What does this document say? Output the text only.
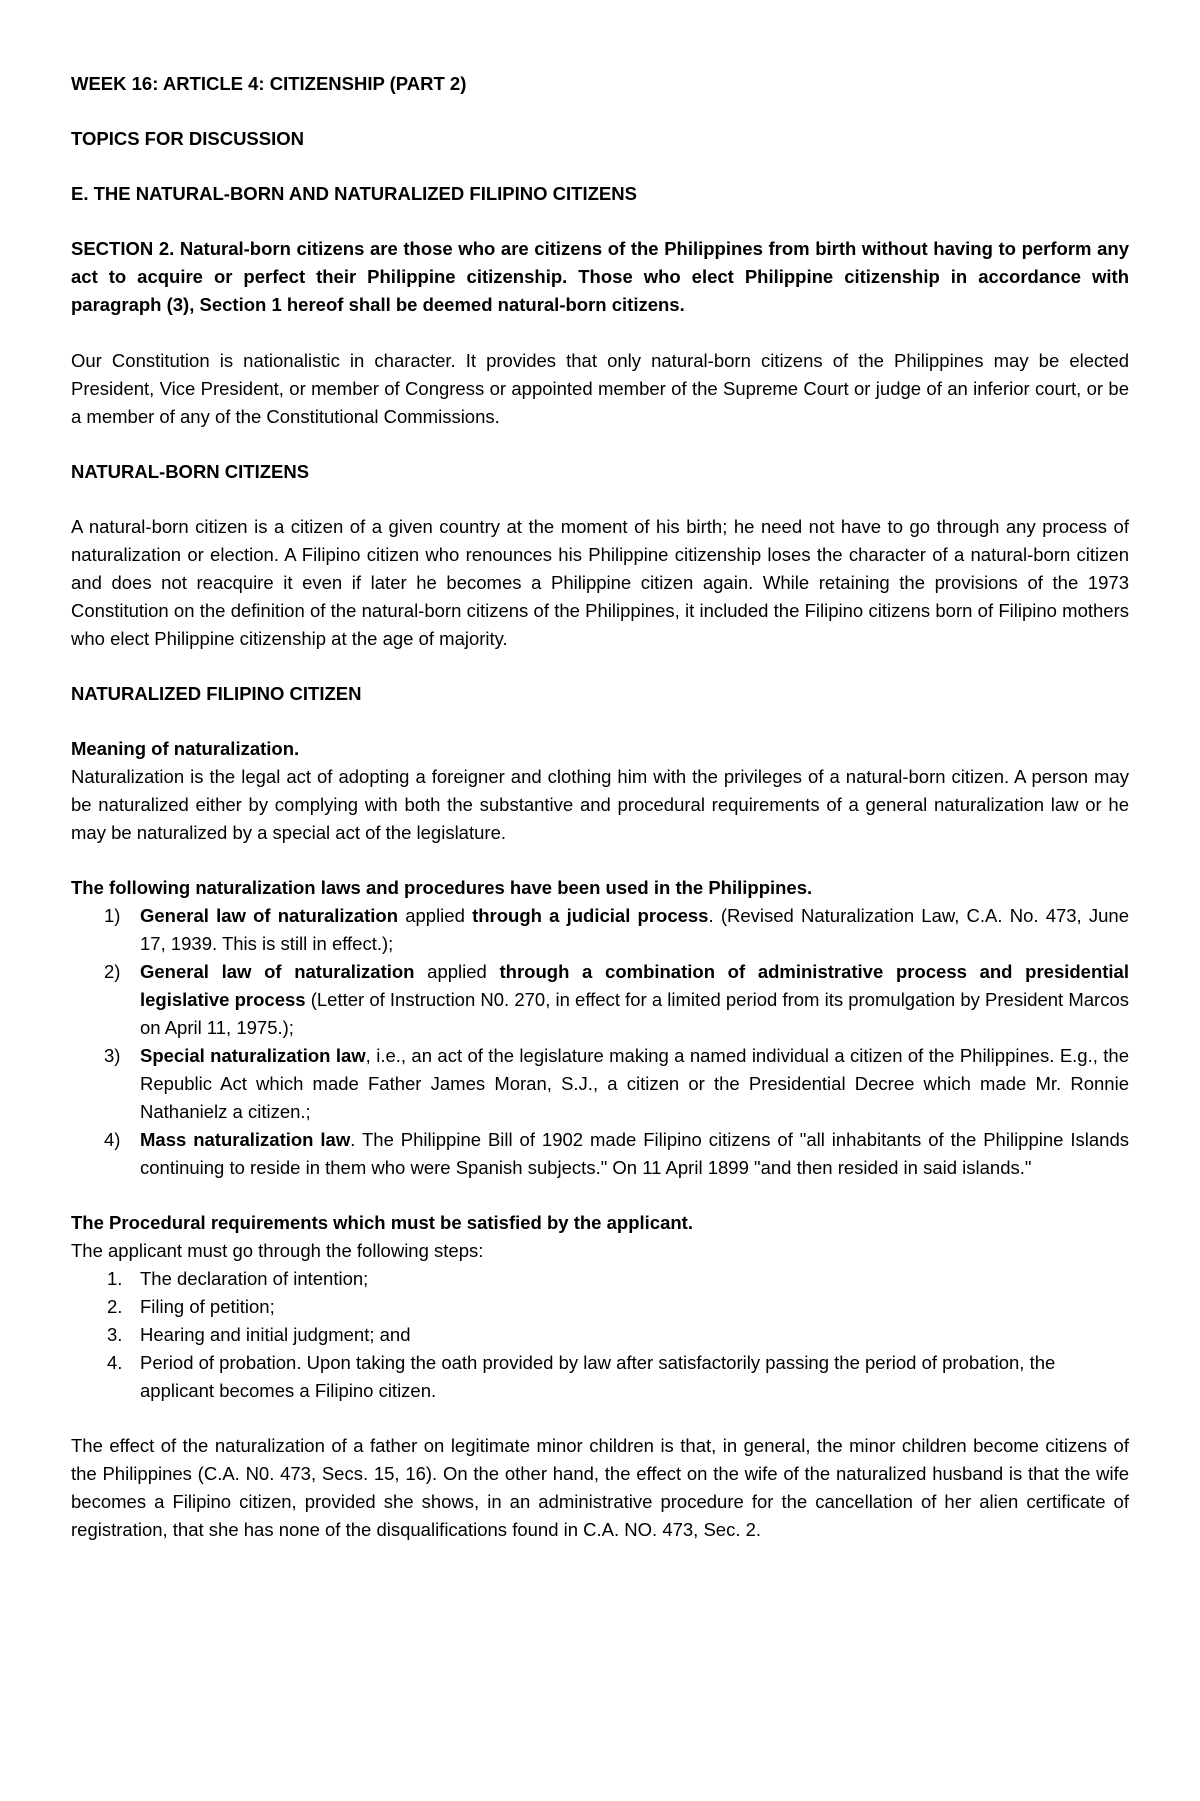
WEEK 16: ARTICLE 4: CITIZENSHIP (PART 2)

TOPICS FOR DISCUSSION

E. THE NATURAL-BORN AND NATURALIZED FILIPINO CITIZENS

SECTION 2. Natural-born citizens are those who are citizens of the Philippines from birth without having to perform any act to acquire or perfect their Philippine citizenship. Those who elect Philippine citizenship in accordance with paragraph (3), Section 1 hereof shall be deemed natural-born citizens.

Our Constitution is nationalistic in character. It provides that only natural-born citizens of the Philippines may be elected President, Vice President, or member of Congress or appointed member of the Supreme Court or judge of an inferior court, or be a member of any of the Constitutional Commissions.

NATURAL-BORN CITIZENS

A natural-born citizen is a citizen of a given country at the moment of his birth; he need not have to go through any process of naturalization or election. A Filipino citizen who renounces his Philippine citizenship loses the character of a natural-born citizen and does not reacquire it even if later he becomes a Philippine citizen again. While retaining the provisions of the 1973 Constitution on the definition of the natural-born citizens of the Philippines, it included the Filipino citizens born of Filipino mothers who elect Philippine citizenship at the age of majority.

NATURALIZED FILIPINO CITIZEN

Meaning of naturalization.

Naturalization is the legal act of adopting a foreigner and clothing him with the privileges of a natural-born citizen. A person may be naturalized either by complying with both the substantive and procedural requirements of a general naturalization law or he may be naturalized by a special act of the legislature.

The following naturalization laws and procedures have been used in the Philippines.

1) General law of naturalization applied through a judicial process. (Revised Naturalization Law, C.A. No. 473, June 17, 1939. This is still in effect.);
2) General law of naturalization applied through a combination of administrative process and presidential legislative process (Letter of Instruction N0. 270, in effect for a limited period from its promulgation by President Marcos on April 11, 1975.);
3) Special naturalization law, i.e., an act of the legislature making a named individual a citizen of the Philippines. E.g., the Republic Act which made Father James Moran, S.J., a citizen or the Presidential Decree which made Mr. Ronnie Nathanielz a citizen.;
4) Mass naturalization law. The Philippine Bill of 1902 made Filipino citizens of "all inhabitants of the Philippine Islands continuing to reside in them who were Spanish subjects." On 11 April 1899 "and then resided in said islands."

The Procedural requirements which must be satisfied by the applicant.

The applicant must go through the following steps:

1. The declaration of intention;
2. Filing of petition;
3. Hearing and initial judgment; and
4. Period of probation. Upon taking the oath provided by law after satisfactorily passing the period of probation, the applicant becomes a Filipino citizen.

The effect of the naturalization of a father on legitimate minor children is that, in general, the minor children become citizens of the Philippines (C.A. N0. 473, Secs. 15, 16). On the other hand, the effect on the wife of the naturalized husband is that the wife becomes a Filipino citizen, provided she shows, in an administrative procedure for the cancellation of her alien certificate of registration, that she has none of the disqualifications found in C.A. NO. 473, Sec. 2.
